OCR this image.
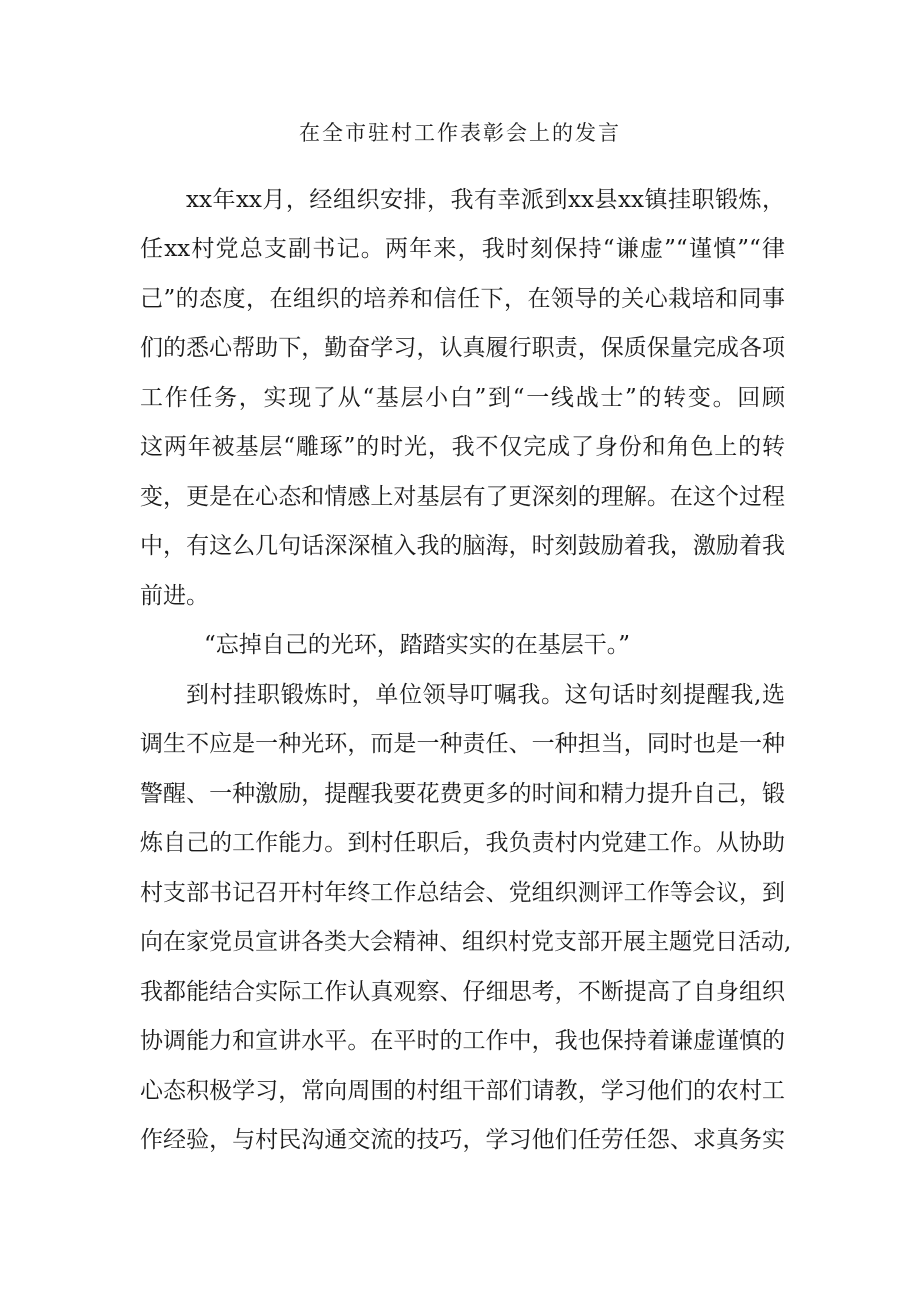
在全市驻村工作表彰会上的发言

xx年xx月，经组织安排，我有幸派到xx县xx镇挂职锻炼，

任xx村党总支副书记。两年来，我时刻保持“谦虚”“谨慎”“律

己”的态度，在组织的培养和信任下，在领导的关心栽培和同事

们的悉心帮助下，勤奋学习，认真履行职责，保质保量完成各项

工作任务，实现了从“基层小白”到“一线战士”的转变。回顾

这两年被基层“雕琢”的时光，我不仅完成了身份和角色上的转

变，更是在心态和情感上对基层有了更深刻的理解。在这个过程

中，有这么几句话深深植入我的脑海，时刻鼓励着我，激励着我

前进。

“忘掉自己的光环，踏踏实实的在基层干。”

到村挂职锻炼时，单位领导叮嘱我。这句话时刻提醒我,选

调生不应是一种光环，而是一种责任、一种担当，同时也是一种

警醒、一种激励，提醒我要花费更多的时间和精力提升自己，锻

炼自己的工作能力。到村任职后，我负责村内党建工作。从协助

村支部书记召开村年终工作总结会、党组织测评工作等会议，到

向在家党员宣讲各类大会精神、组织村党支部开展主题党日活动,

我都能结合实际工作认真观察、仔细思考，不断提高了自身组织

协调能力和宣讲水平。在平时的工作中，我也保持着谦虚谨慎的

心态积极学习，常向周围的村组干部们请教，学习他们的农村工

作经验，与村民沟通交流的技巧，学习他们任劳任怨、求真务实
